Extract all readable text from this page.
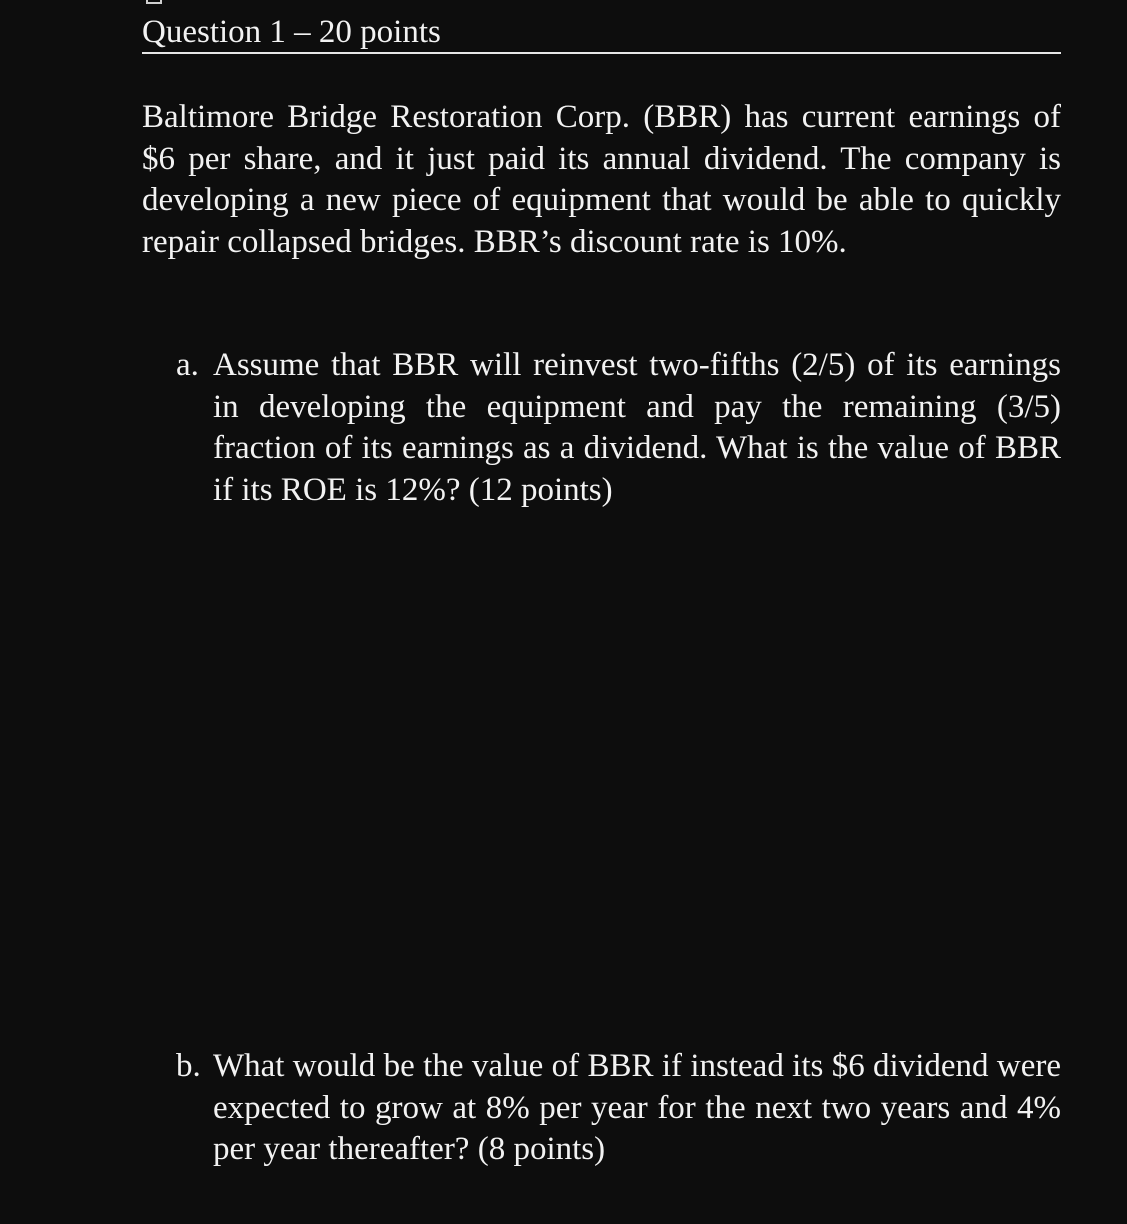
Question 1 – 20 points

Baltimore Bridge Restoration Corp. (BBR) has current earnings of $6 per share, and it just paid its annual dividend. The company is developing a new piece of equipment that would be able to quickly repair collapsed bridges. BBR’s discount rate is 10%.

a. Assume that BBR will reinvest two-fifths (2/5) of its earnings in developing the equipment and pay the remaining (3/5) fraction of its earnings as a dividend. What is the value of BBR if its ROE is 12%? (12 points)
b. What would be the value of BBR if instead its $6 dividend were expected to grow at 8% per year for the next two years and 4% per year thereafter? (8 points)
